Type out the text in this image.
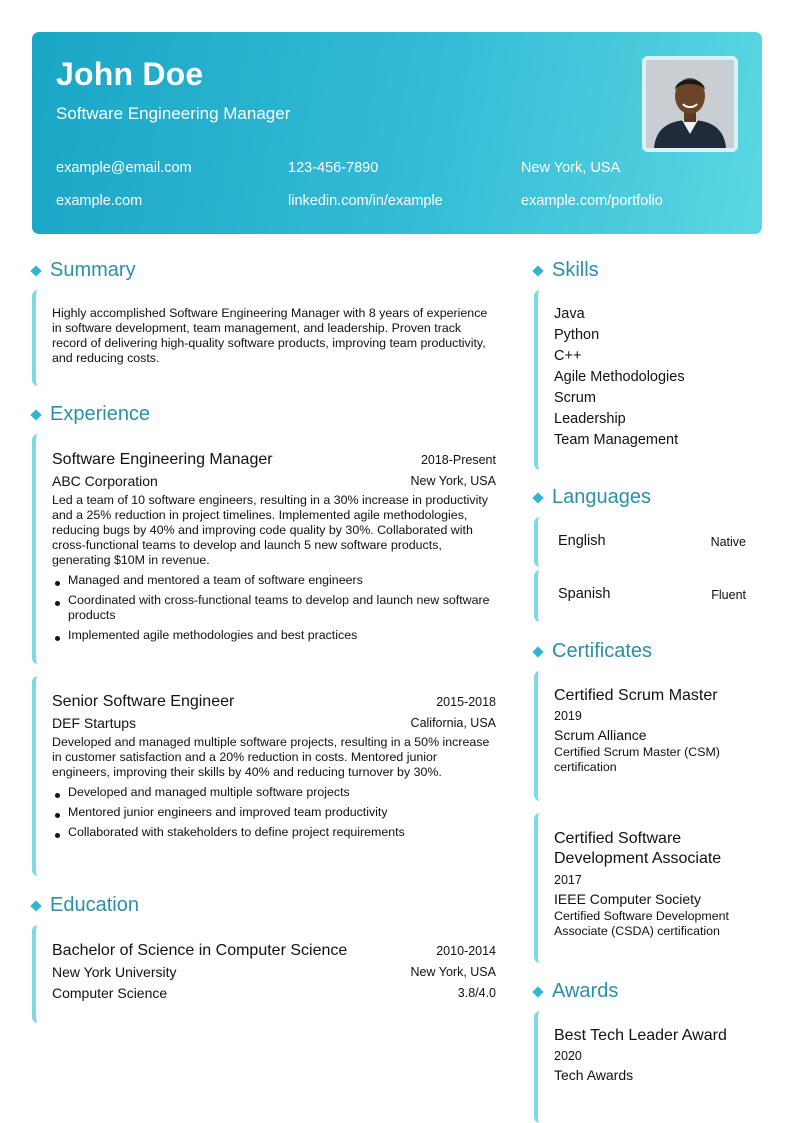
John Doe
Software Engineering Manager
example@email.com	123-456-7890	New York, USA
example.com	linkedin.com/in/example	example.com/portfolio
Summary
Highly accomplished Software Engineering Manager with 8 years of experience in software development, team management, and leadership. Proven track record of delivering high-quality software products, improving team productivity, and reducing costs.
Experience
Software Engineering Manager	2018-Present
ABC Corporation	New York, USA
Led a team of 10 software engineers, resulting in a 30% increase in productivity and a 25% reduction in project timelines. Implemented agile methodologies, reducing bugs by 40% and improving code quality by 30%. Collaborated with cross-functional teams to develop and launch 5 new software products, generating $10M in revenue.
Managed and mentored a team of software engineers
Coordinated with cross-functional teams to develop and launch new software products
Implemented agile methodologies and best practices
Senior Software Engineer	2015-2018
DEF Startups	California, USA
Developed and managed multiple software projects, resulting in a 50% increase in customer satisfaction and a 20% reduction in costs. Mentored junior engineers, improving their skills by 40% and reducing turnover by 30%.
Developed and managed multiple software projects
Mentored junior engineers and improved team productivity
Collaborated with stakeholders to define project requirements
Education
Bachelor of Science in Computer Science	2010-2014
New York University	New York, USA
Computer Science	3.8/4.0
Skills
Java
Python
C++
Agile Methodologies
Scrum
Leadership
Team Management
Languages
English	Native
Spanish	Fluent
Certificates
Certified Scrum Master
2019
Scrum Alliance
Certified Scrum Master (CSM) certification
Certified Software Development Associate
2017
IEEE Computer Society
Certified Software Development Associate (CSDA) certification
Awards
Best Tech Leader Award
2020
Tech Awards
